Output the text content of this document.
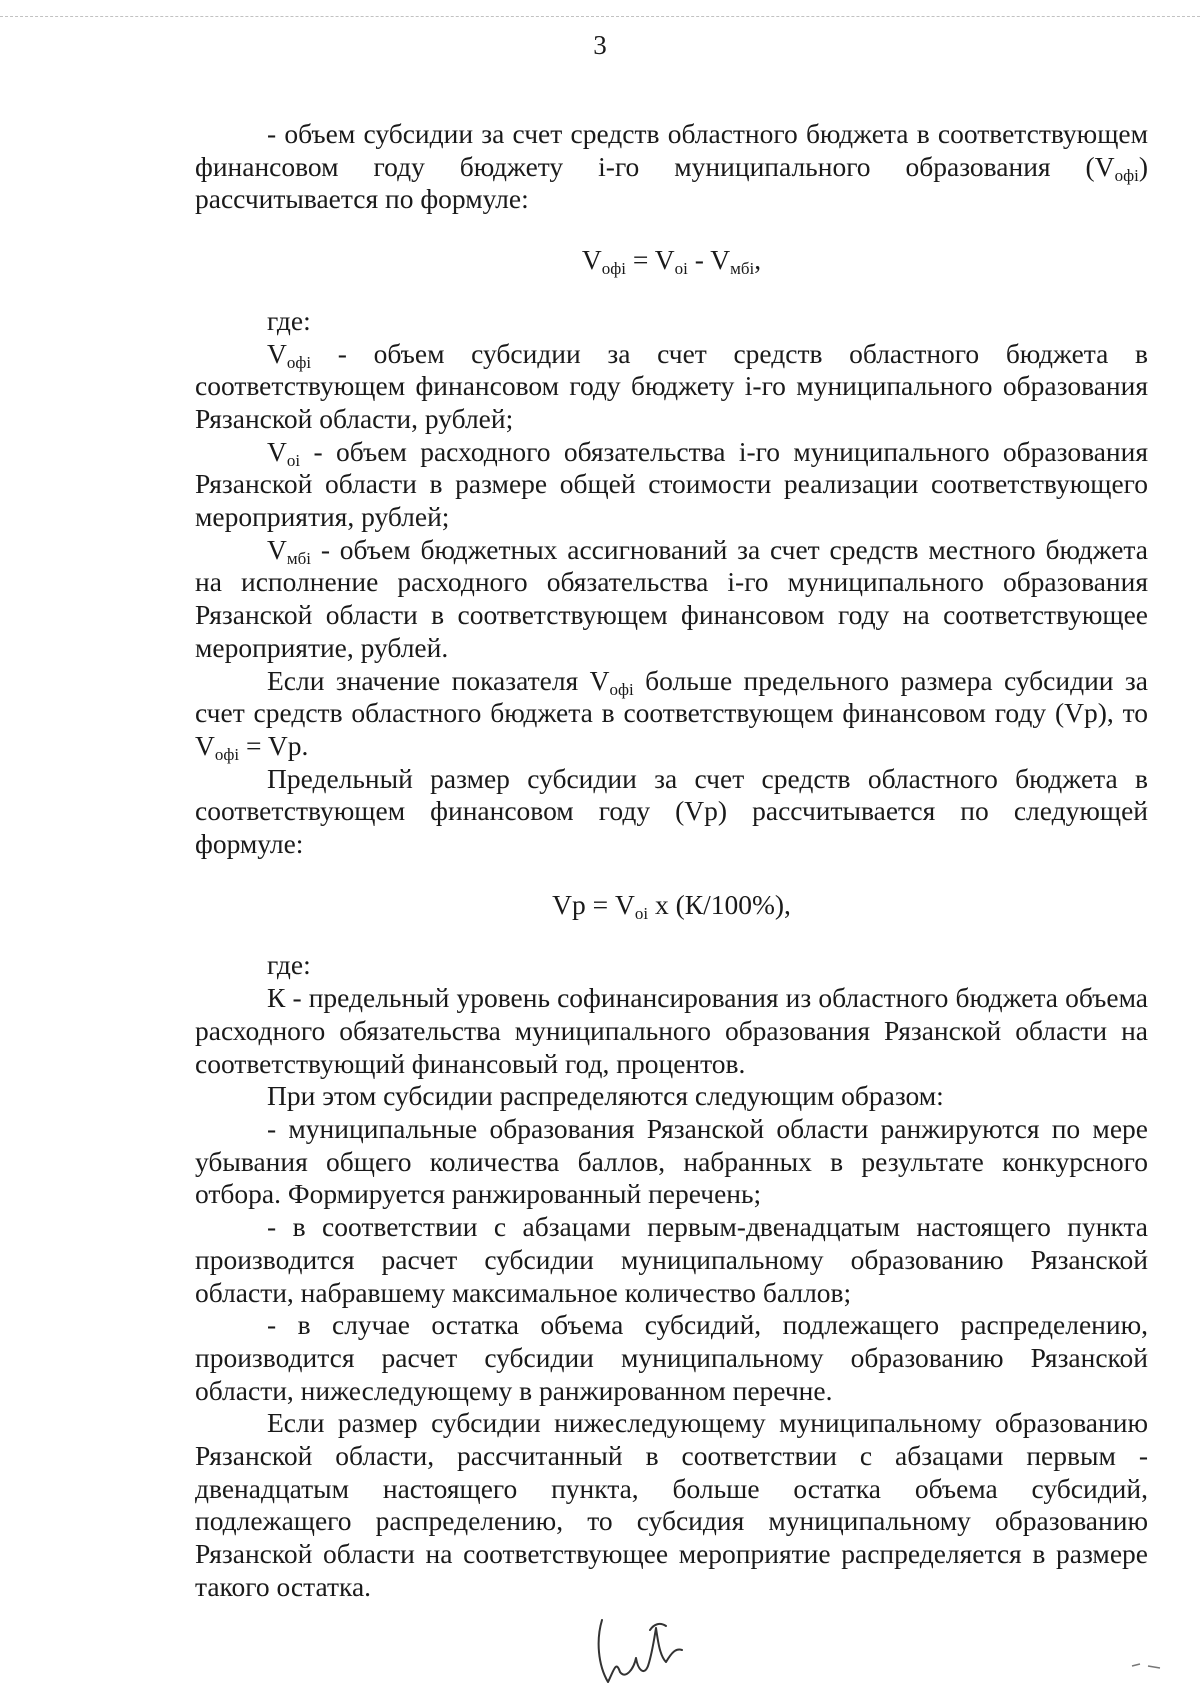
3

- объем субсидии за счет средств областного бюджета в соответствующем финансовом году бюджету i-го муниципального образования $(V_{офi})$ рассчитывается по формуле:

$V_{офi} = V_{oi} - V_{мбi}$,

где:

$V_{офi}$ - объем субсидии за счет средств областного бюджета в соответствующем финансовом году бюджету i-го муниципального образования Рязанской области, рублей;

$V_{oi}$ - объем расходного обязательства i-го муниципального образования Рязанской области в размере общей стоимости реализации соответствующего мероприятия, рублей;

$V_{мбi}$ - объем бюджетных ассигнований за счет средств местного бюджета на исполнение расходного обязательства i-го муниципального образования Рязанской области в соответствующем финансовом году на соответствующее мероприятие, рублей.

Если значение показателя $V_{офi}$ больше предельного размера субсидии за счет средств областного бюджета в соответствующем финансовом году (Vр), то $V_{офi}$ = Vр.

Предельный размер субсидии за счет средств областного бюджета в соответствующем финансовом году (Vр) рассчитывается по следующей формуле:

Vр = $V_{oi}$ x (К/100%),

где:

К - предельный уровень софинансирования из областного бюджета объема расходного обязательства муниципального образования Рязанской области на соответствующий финансовый год, процентов.

При этом субсидии распределяются следующим образом:

- муниципальные образования Рязанской области ранжируются по мере убывания общего количества баллов, набранных в результате конкурсного отбора. Формируется ранжированный перечень;

- в соответствии с абзацами первым-двенадцатым настоящего пункта производится расчет субсидии муниципальному образованию Рязанской области, набравшему максимальное количество баллов;

- в случае остатка объема субсидий, подлежащего распределению, производится расчет субсидии муниципальному образованию Рязанской области, нижеследующему в ранжированном перечне.

Если размер субсидии нижеследующему муниципальному образованию Рязанской области, рассчитанный в соответствии с абзацами первым - двенадцатым настоящего пункта, больше остатка объема субсидий, подлежащего распределению, то субсидия муниципальному образованию Рязанской области на соответствующее мероприятие распределяется в размере такого остатка.
